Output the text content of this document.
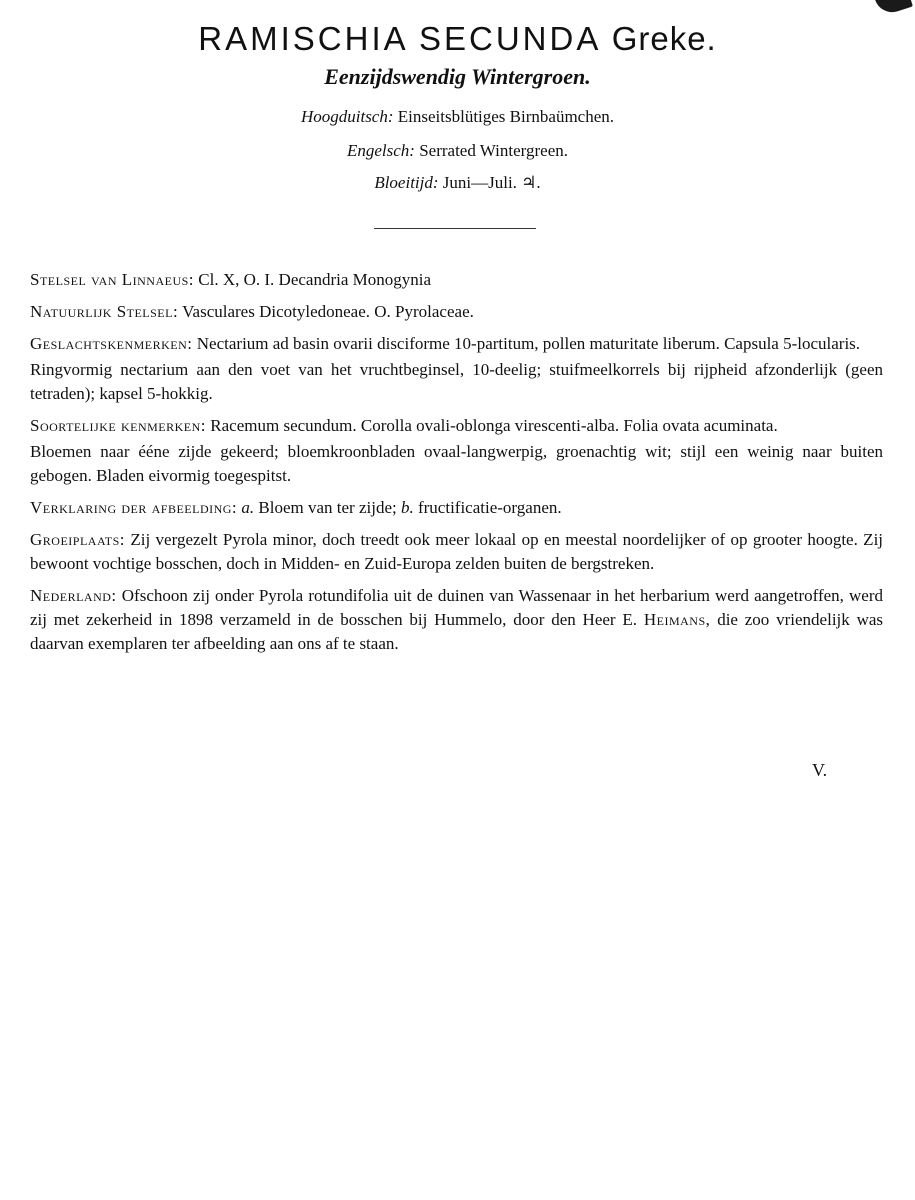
RAMISCHIA SECUNDA Greke.
Eenzijdswendig Wintergroen.
Hoogduitsch: Einseitsblütiges Birnbaümchen.
Engelsch: Serrated Wintergreen.
Bloeitijd: Juni—Juli. ♃.

Stelsel van Linnaeus: Cl. X, O. I. Decandria Monogynia

Natuurlijk Stelsel: Vasculares Dicotyledoneae. O. Pyrolaceae.

Geslachtskenmerken: Nectarium ad basin ovarii disciforme 10-partitum, pollen maturitate liberum. Capsula 5-locularis.

Ringvormig nectarium aan den voet van het vruchtbeginsel, 10-deelig; stuifmeelkorrels bij rijpheid afzonderlijk (geen tetraden); kapsel 5-hokkig.

Soortelijke kenmerken: Racemum secundum. Corolla ovali-oblonga virescenti-alba. Folia ovata acuminata.

Bloemen naar ééne zijde gekeerd; bloemkroonbladen ovaal-langwerpig, groenachtig wit; stijl een weinig naar buiten gebogen. Bladen eivormig toegespitst.

Verklaring der afbeelding: a. Bloem van ter zijde; b. fructificatie-organen.

Groeiplaats: Zij vergezelt Pyrola minor, doch treedt ook meer lokaal op en meestal noordelijker of op grooter hoogte. Zij bewoont vochtige bosschen, doch in Midden- en Zuid-Europa zelden buiten de bergstreken.

Nederland: Ofschoon zij onder Pyrola rotundifolia uit de duinen van Wassenaar in het herbarium werd aangetroffen, werd zij met zekerheid in 1898 verzameld in de bosschen bij Hummelo, door den Heer E. Heimans, die zoo vriendelijk was daarvan exemplaren ter afbeelding aan ons af te staan.

V.
